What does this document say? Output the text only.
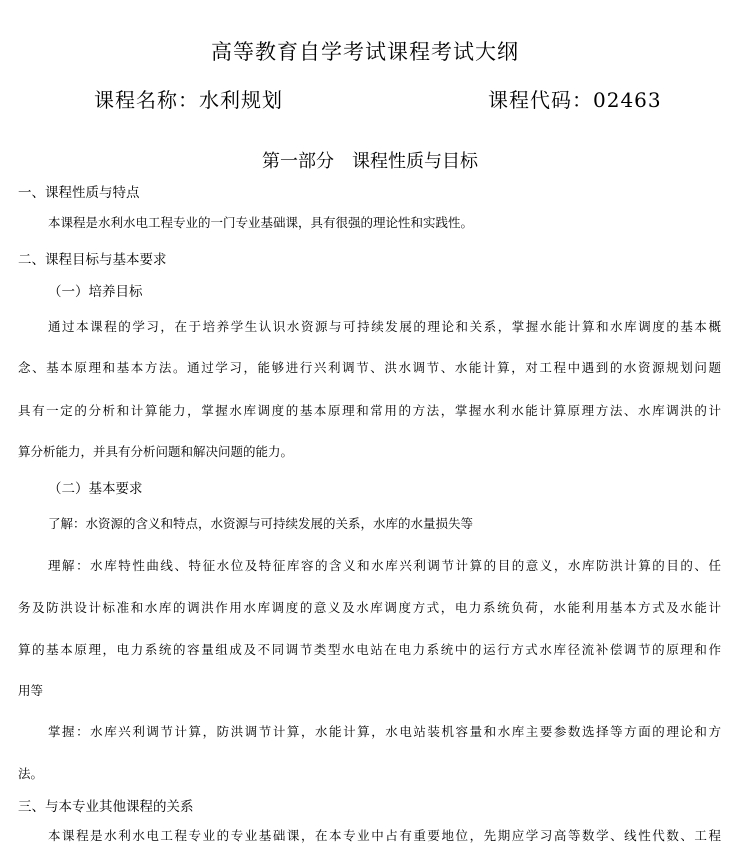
高等教育自学考试课程考试大纲
课程名称：水利规划	课程代码：02463
第一部分　课程性质与目标
一、课程性质与特点
本课程是水利水电工程专业的一门专业基础课，具有很强的理论性和实践性。
二、课程目标与基本要求
（一）培养目标
通过本课程的学习，在于培养学生认识水资源与可持续发展的理论和关系，掌握水能计算和水库调度的基本概
念、基本原理和基本方法。通过学习，能够进行兴利调节、洪水调节、水能计算，对工程中遇到的水资源规划问题
具有一定的分析和计算能力，掌握水库调度的基本原理和常用的方法，掌握水利水能计算原理方法、水库调洪的计
算分析能力，并具有分析问题和解决问题的能力。
（二）基本要求
了解：水资源的含义和特点，水资源与可持续发展的关系，水库的水量损失等
理解：水库特性曲线、特征水位及特征库容的含义和水库兴利调节计算的目的意义，水库防洪计算的目的、任
务及防洪设计标准和水库的调洪作用水库调度的意义及水库调度方式，电力系统负荷，水能利用基本方式及水能计
算的基本原理，电力系统的容量组成及不同调节类型水电站在电力系统中的运行方式水库径流补偿调节的原理和作
用等
掌握：水库兴利调节计算，防洪调节计算，水能计算，水电站装机容量和水库主要参数选择等方面的理论和方
法。
三、与本专业其他课程的关系
本课程是水利水电工程专业的专业基础课，在本专业中占有重要地位，先期应学习高等数学、线性代数、工程
